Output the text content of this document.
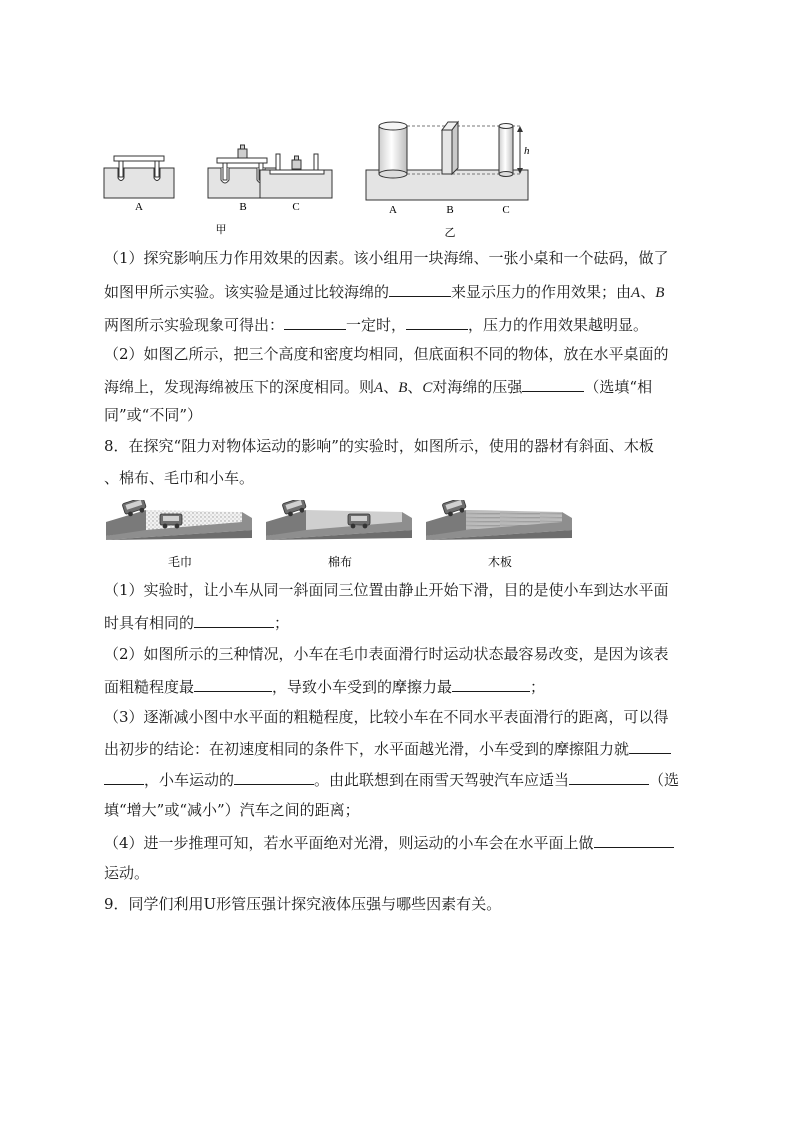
h
A	B	C
甲
A	B	C
乙
（1）探究影响压力作用效果的因素。该小组用一块海绵、一张小桌和一个砝码，做了
如图甲所示实验。该实验是通过比较海绵的	来显示压力的作用效果；由A、B
两图所示实验现象可得出：	一定时，	，压力的作用效果越明显。
（2）如图乙所示，把三个高度和密度均相同，但底面积不同的物体，放在水平桌面的
海绵上，发现海绵被压下的深度相同。则A、B、C对海绵的压强	（选填“相
同”或“不同”）
8．在探究“阻力对物体运动的影响”的实验时，如图所示，使用的器材有斜面、木板
、棉布、毛巾和小车。
毛巾	棉布	木板
（1）实验时，让小车从同一斜面同三位置由静止开始下滑，目的是使小车到达水平面
时具有相同的	；
（2）如图所示的三种情况，小车在毛巾表面滑行时运动状态最容易改变，是因为该表
面粗糙程度最	，导致小车受到的摩擦力最	；
（3）逐渐减小图中水平面的粗糙程度，比较小车在不同水平表面滑行的距离，可以得
出初步的结论：在初速度相同的条件下，水平面越光滑，小车受到的摩擦阻力就
，小车运动的	。由此联想到在雨雪天驾驶汽车应适当	（选
填“增大”或“减小”）汽车之间的距离；
（4）进一步推理可知，若水平面绝对光滑，则运动的小车会在水平面上做
运动。
9．同学们利用U形管压强计探究液体压强与哪些因素有关。
